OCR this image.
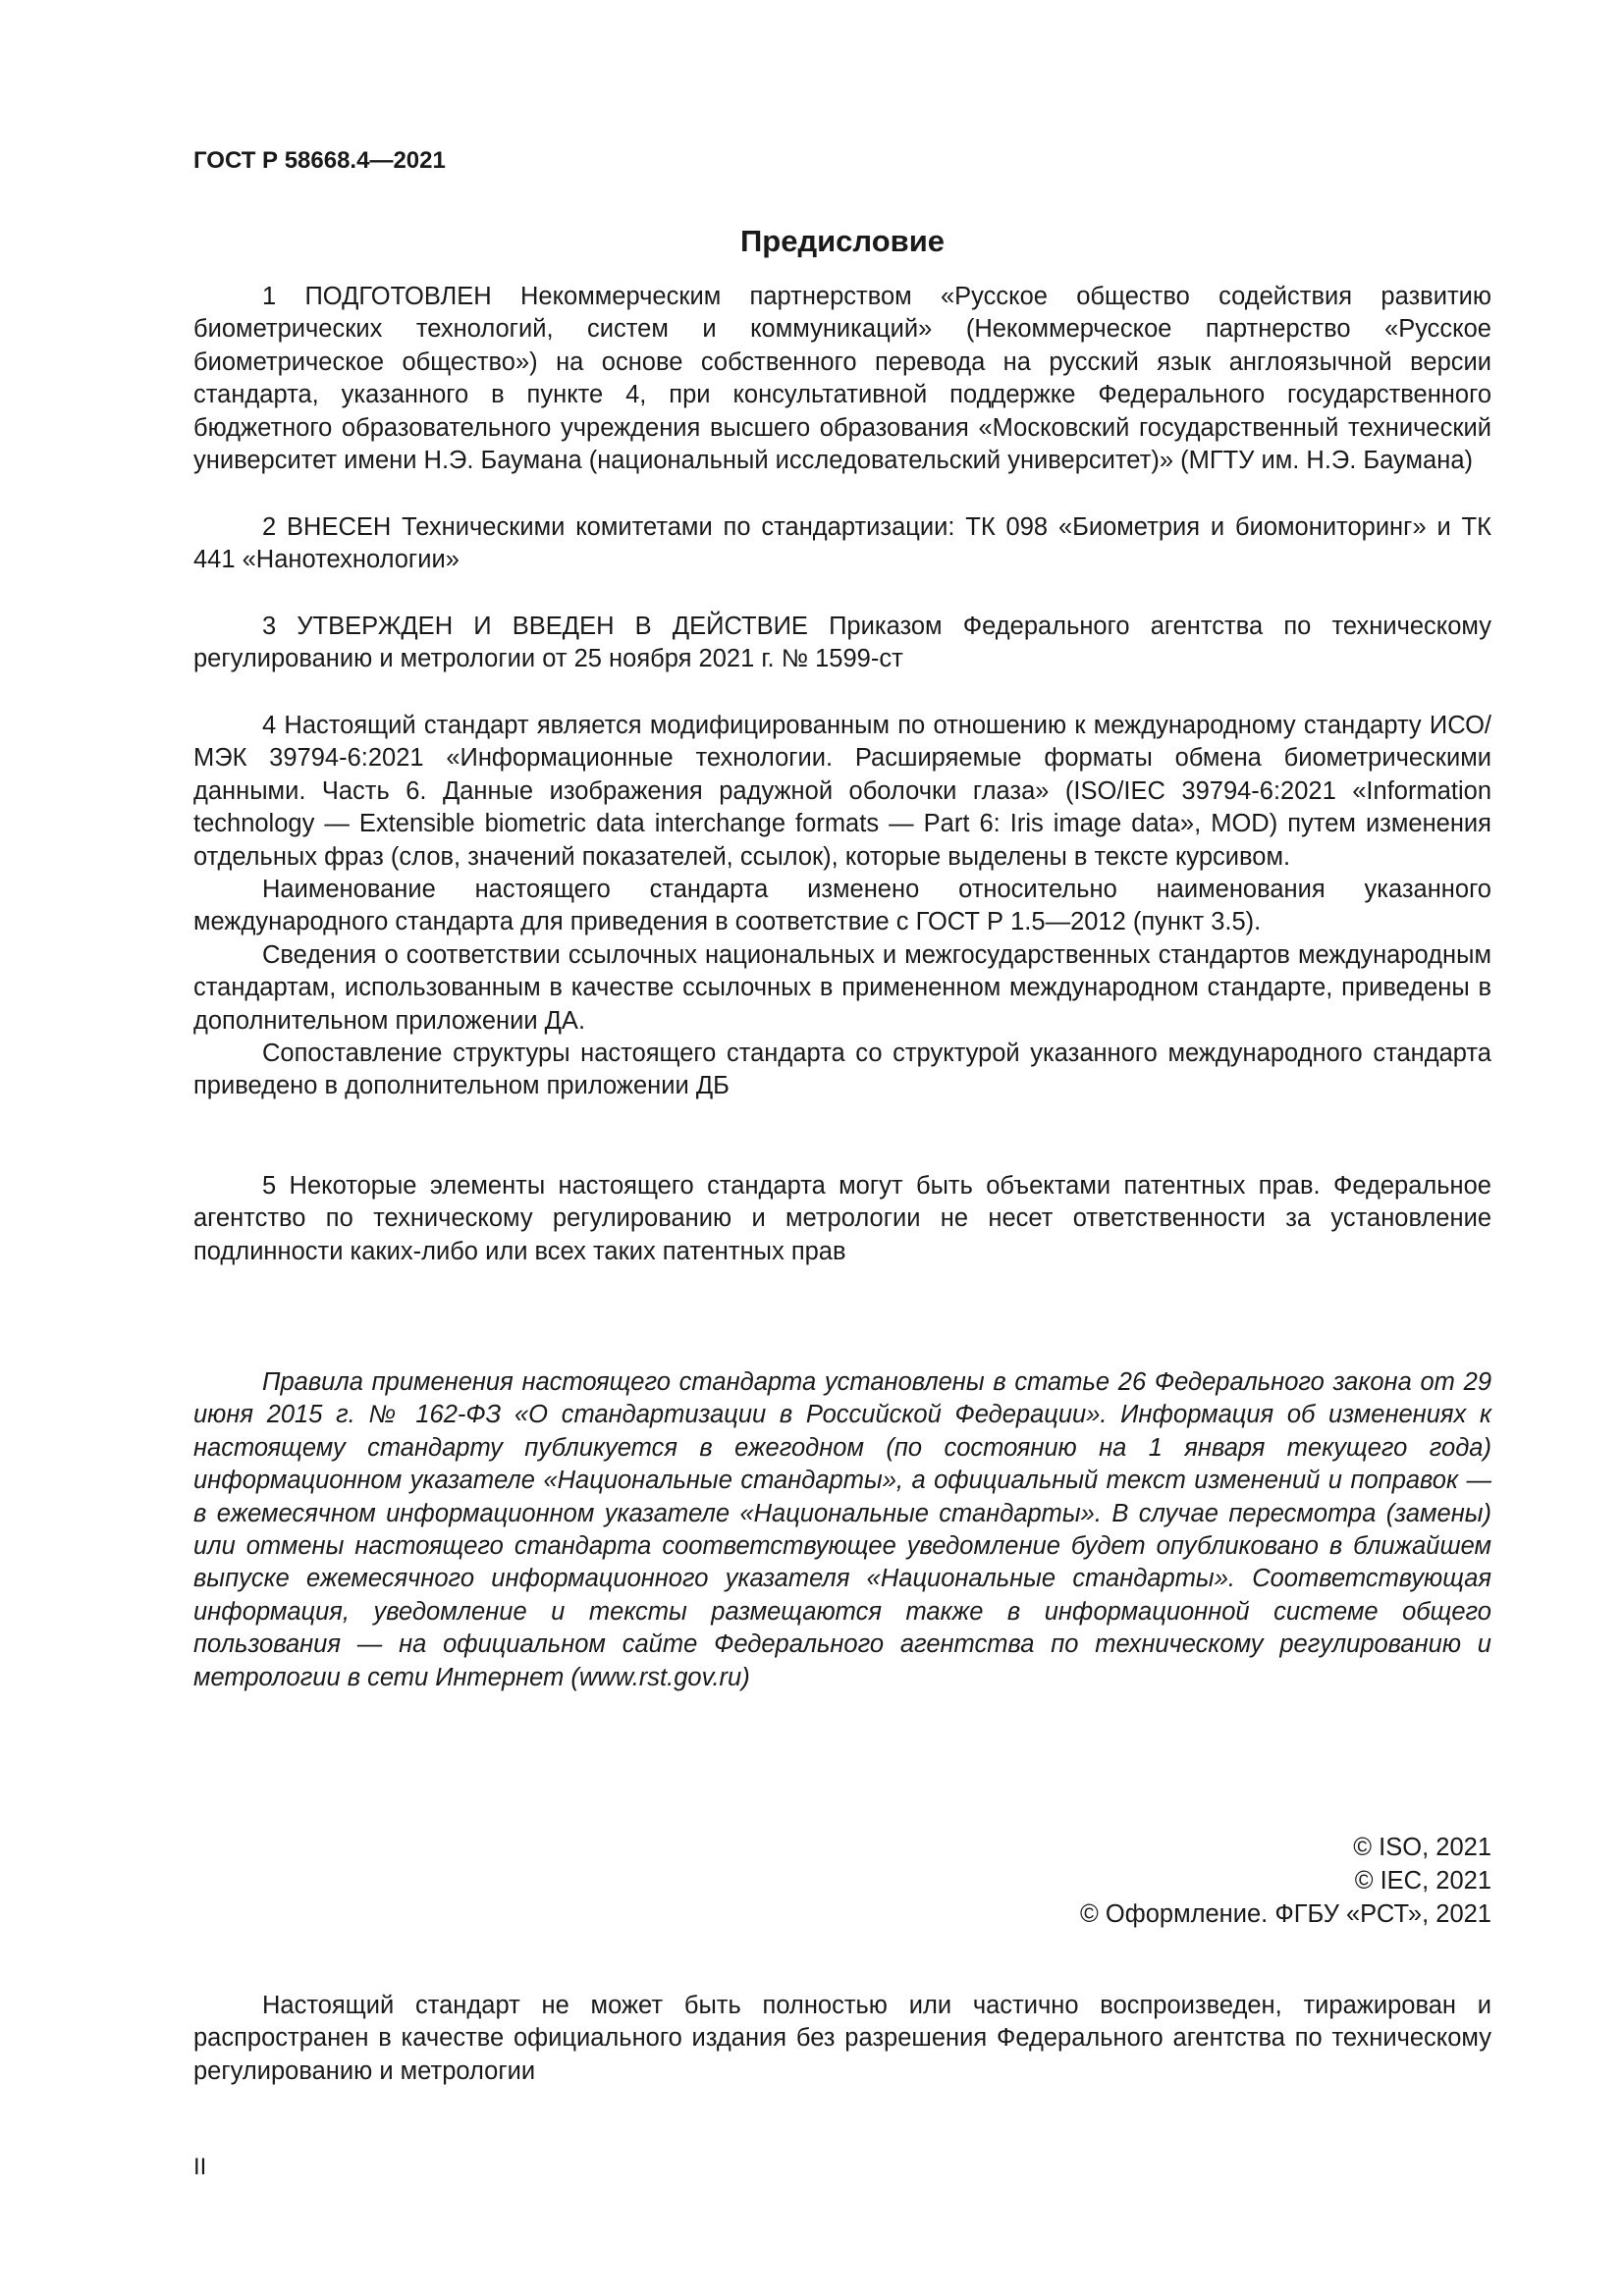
ГОСТ Р 58668.4—2021
Предисловие

1 ПОДГОТОВЛЕН Некоммерческим партнерством «Русское общество содействия развитию биометрических технологий, систем и коммуникаций» (Некоммерческое партнерство «Русское биометрическое общество») на основе собственного перевода на русский язык англоязычной версии стандарта, указанного в пункте 4, при консультативной поддержке Федерального государственного бюджетного образовательного учреждения высшего образования «Московский государственный технический университет имени Н.Э. Баумана (национальный исследовательский университет)» (МГТУ им. Н.Э. Баумана)

2 ВНЕСЕН Техническими комитетами по стандартизации: ТК 098 «Биометрия и биомониторинг» и ТК 441 «Нанотехнологии»

3 УТВЕРЖДЕН И ВВЕДЕН В ДЕЙСТВИЕ Приказом Федерального агентства по техническому регулированию и метрологии от 25 ноября 2021 г. № 1599-ст

4 Настоящий стандарт является модифицированным по отношению к международному стандарту ИСО/МЭК 39794-6:2021 «Информационные технологии. Расширяемые форматы обмена биометрическими данными. Часть 6. Данные изображения радужной оболочки глаза» (ISO/IEC 39794-6:2021 «Information technology — Extensible biometric data interchange formats — Part 6: Iris image data», MOD) путем изменения отдельных фраз (слов, значений показателей, ссылок), которые выделены в тексте курсивом.

Наименование настоящего стандарта изменено относительно наименования указанного международного стандарта для приведения в соответствие с ГОСТ Р 1.5—2012 (пункт 3.5).

Сведения о соответствии ссылочных национальных и межгосударственных стандартов международным стандартам, использованным в качестве ссылочных в примененном международном стандарте, приведены в дополнительном приложении ДА.

Сопоставление структуры настоящего стандарта со структурой указанного международного стандарта приведено в дополнительном приложении ДБ

5 Некоторые элементы настоящего стандарта могут быть объектами патентных прав. Федеральное агентство по техническому регулированию и метрологии не несет ответственности за установление подлинности каких-либо или всех таких патентных прав

Правила применения настоящего стандарта установлены в статье 26 Федерального закона от 29 июня 2015 г. № 162-ФЗ «О стандартизации в Российской Федерации». Информация об изменениях к настоящему стандарту публикуется в ежегодном (по состоянию на 1 января текущего года) информационном указателе «Национальные стандарты», а официальный текст изменений и поправок — в ежемесячном информационном указателе «Национальные стандарты». В случае пересмотра (замены) или отмены настоящего стандарта соответствующее уведомление будет опубликовано в ближайшем выпуске ежемесячного информационного указателя «Национальные стандарты». Соответствующая информация, уведомление и тексты размещаются также в информационной системе общего пользования — на официальном сайте Федерального агентства по техническому регулированию и метрологии в сети Интернет (www.rst.gov.ru)

© ISO, 2021
© IEC, 2021
© Оформление. ФГБУ «РСТ», 2021

Настоящий стандарт не может быть полностью или частично воспроизведен, тиражирован и распространен в качестве официального издания без разрешения Федерального агентства по техническому регулированию и метрологии

II
